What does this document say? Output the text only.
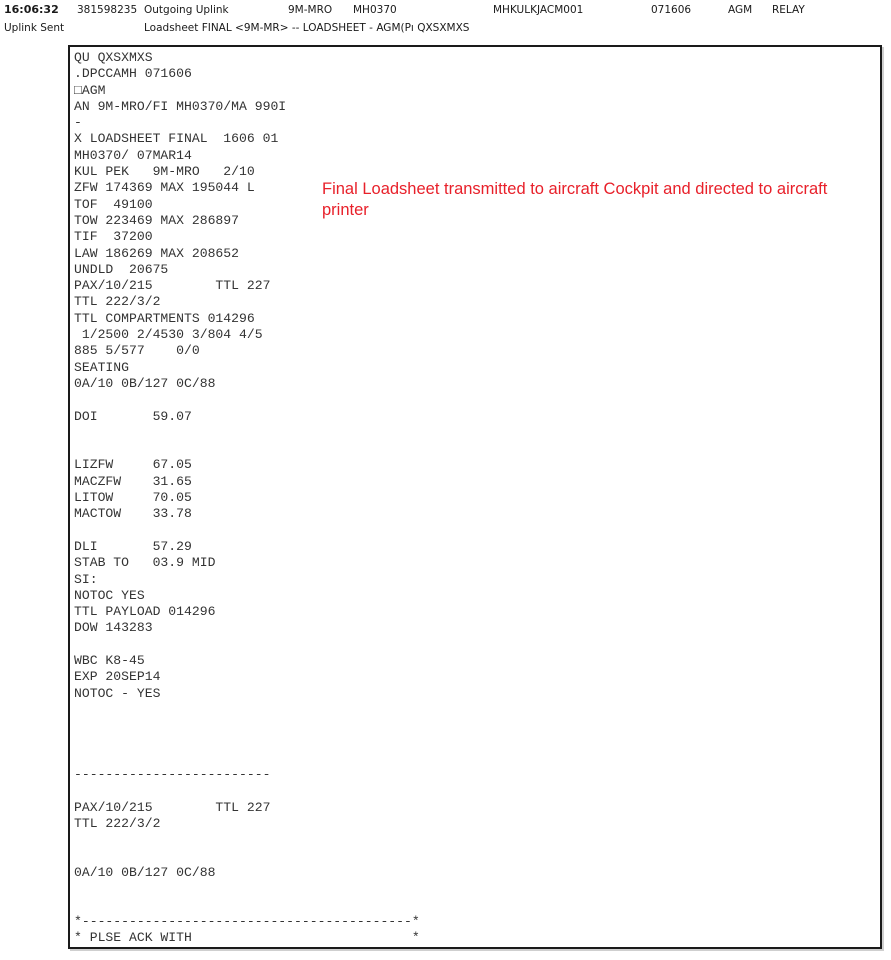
16:06:32 381598235 Outgoing Uplink	9M-MRO MH0370	MHKULKJACM001	071606	AGM RELAY
Uplink Sent	Loadsheet FINAL <9M-MR> -- LOADSHEET - AGM(Pı QXSXMXS
QU QXSXMXS
.DPCCAMH 071606
□AGM
AN 9M-MRO/FI MH0370/MA 990I
-
X LOADSHEET FINAL  1606 01
MH0370/ 07MAR14
KUL PEK   9M-MRO   2/10
ZFW 174369 MAX 195044 L
TOF  49100
TOW 223469 MAX 286897
TIF  37200
LAW 186269 MAX 208652
UNDLD  20675
PAX/10/215        TTL 227
TTL 222/3/2
TTL COMPARTMENTS 014296
1/2500 2/4530 3/804 4/5
885 5/577    0/0
SEATING
0A/10 0B/127 0C/88
DOI       59.07
LIZFW     67.05
MACZFW    31.65
LITOW     70.05
MACTOW    33.78
DLI       57.29
STAB TO   03.9 MID
SI:
NOTOC YES
TTL PAYLOAD 014296
DOW 143283
WBC K8-45
EXP 20SEP14
NOTOC - YES
-------------------------
PAX/10/215        TTL 227
TTL 222/3/2
0A/10 0B/127 0C/88
*------------------------------------------*
* PLSE ACK WITH                            *
Final Loadsheet transmitted to aircraft Cockpit and directed to aircraft printer
